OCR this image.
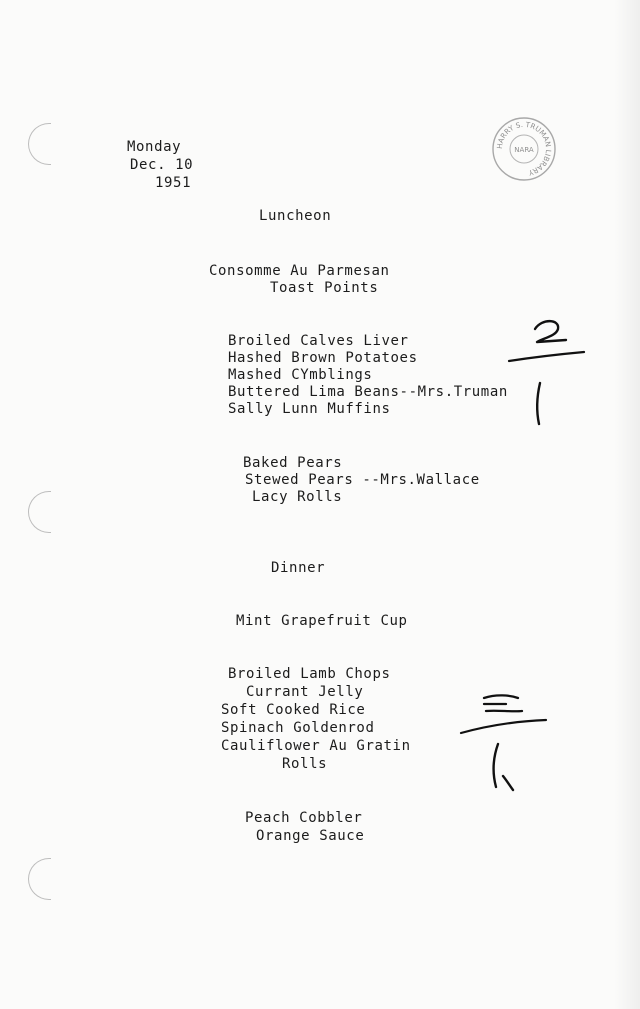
Monday
Dec. 10
1951
HARRY S. TRUMAN LIBRARY
NARA
Luncheon
Consomme Au Parmesan
Toast Points
Broiled Calves Liver
Hashed Brown Potatoes
Mashed CYmblings
Buttered Lima Beans--Mrs.Truman
Sally Lunn Muffins
Baked Pears
Stewed Pears --Mrs.Wallace
Lacy Rolls
Dinner
Mint Grapefruit Cup
Broiled Lamb Chops
Currant Jelly
Soft Cooked Rice
Spinach Goldenrod
Cauliflower Au Gratin
Rolls
Peach Cobbler
Orange Sauce
